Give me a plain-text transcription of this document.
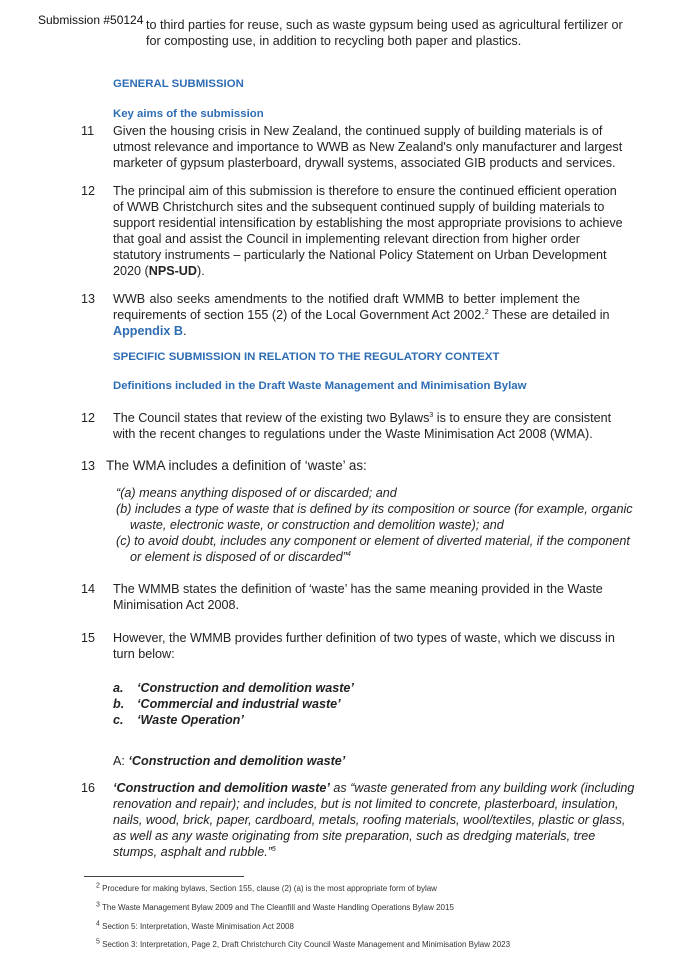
Submission #50124 to third parties for reuse, such as waste gypsum being used as agricultural fertilizer or
for composting use, in addition to recycling both paper and plastics.
GENERAL SUBMISSION
Key aims of the submission
11 Given the housing crisis in New Zealand, the continued supply of building materials is of
utmost relevance and importance to WWB as New Zealand's only manufacturer and largest
marketer of gypsum plasterboard, drywall systems, associated GIB products and services.
12 The principal aim of this submission is therefore to ensure the continued efficient operation
of WWB Christchurch sites and the subsequent continued supply of building materials to
support residential intensification by establishing the most appropriate provisions to achieve
that goal and assist the Council in implementing relevant direction from higher order
statutory instruments – particularly the National Policy Statement on Urban Development
2020 (NPS-UD).
13 WWB also seeks amendments to the notified draft WMMB to better implement the
requirements of section 155 (2) of the Local Government Act 2002.$^2$ These are detailed in
Appendix B.
SPECIFIC SUBMISSION IN RELATION TO THE REGULATORY CONTEXT
Definitions included in the Draft Waste Management and Minimisation Bylaw
12 The Council states that review of the existing two Bylaws$^3$ is to ensure they are consistent
with the recent changes to regulations under the Waste Minimisation Act 2008 (WMA).
13 The WMA includes a definition of ‘waste’ as:
“(a) means anything disposed of or discarded; and
(b) includes a type of waste that is defined by its composition or source (for example, organic
waste, electronic waste, or construction and demolition waste); and
(c) to avoid doubt, includes any component or element of diverted material, if the component
or element is disposed of or discarded”$^4$
14 The WMMB states the definition of ‘waste’ has the same meaning provided in the Waste
Minimisation Act 2008.
15 However, the WMMB provides further definition of two types of waste, which we discuss in
turn below:
a. ‘Construction and demolition waste’
b. ‘Commercial and industrial waste’
c. ‘Waste Operation’
A: ‘Construction and demolition waste’
16 ‘Construction and demolition waste’ as “waste generated from any building work (including
renovation and repair); and includes, but is not limited to concrete, plasterboard, insulation,
nails, wood, brick, paper, cardboard, metals, roofing materials, wool/textiles, plastic or glass,
as well as any waste originating from site preparation, such as dredging materials, tree
stumps, asphalt and rubble.”$^5$
$^2$ Procedure for making bylaws, Section 155, clause (2) (a) is the most appropriate form of bylaw
$^3$ The Waste Management Bylaw 2009 and The Cleanfill and Waste Handling Operations Bylaw 2015
$^4$ Section 5: Interpretation, Waste Minimisation Act 2008
$^5$ Section 3: Interpretation, Page 2, Draft Christchurch City Council Waste Management and Minimisation Bylaw 2023
